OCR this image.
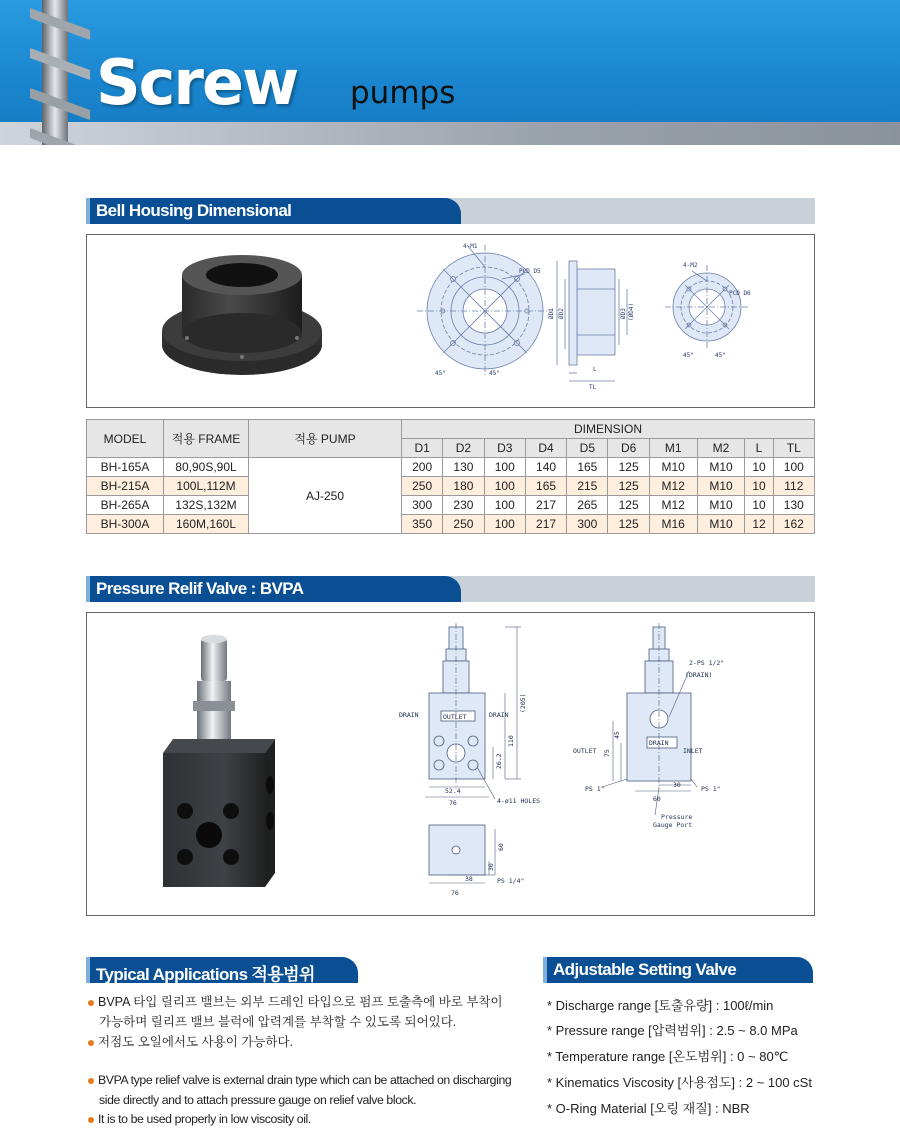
Screw pumps
Bell Housing Dimensional
4-M1
PCD D5
45°	45°
ØD1 ØD2	ØD3 (ØD4)
L
TL
4-M2
PCD D6
45°	45°
MODEL	적용 FRAME	적용 PUMP	DIMENSION									
			D1	D2	D3	D4	D5	D6	M1	M2	L	TL
BH-165A	80,90S,90L	AJ-250	200	130	100	140	165	125	M10	M10	10	100
BH-215A	100L,112M		250	180	100	165	215	125	M12	M10	10	112
BH-265A	132S,132M		300	230	100	217	265	125	M12	M10	10	130
BH-300A	160M,160L		350	250	100	217	300	125	M16	M10	12	162
Pressure Relif Valve : BVPA
DRAIN	DRAIN
OUTLET
(205)
110
26.2
52.4
76	4-ø11 HOLES
2-PS 1/2"
(DRAIN)
OUTLET 75
45
DRAIN
INLET
PS 1"	30	PS 1"
60
Pressure
Gauge Port
60
30
38
76
PS 1/4"
Typical Applications 적용범위
BVPA 타입 릴리프 밸브는 외부 드레인 타입으로 펌프 토출측에 바로 부착이
가능하며 릴리프 밸브 블럭에 압력계를 부착할 수 있도록 되어있다.
저점도 오일에서도 사용이 가능하다.
BVPA type relief valve is external drain type which can be attached on discharging
side directly and to attach pressure gauge on relief valve block.
It is to be used properly in low viscosity oil.
Adjustable Setting Valve
* Discharge range [토출유량] : 100ℓ/min
* Pressure range [압력범위] : 2.5 ~ 8.0 MPa
* Temperature range [온도범위] : 0 ~ 80℃
* Kinematics Viscosity [사용점도] : 2 ~ 100 cSt
* O-Ring Material [오링 재질] : NBR
